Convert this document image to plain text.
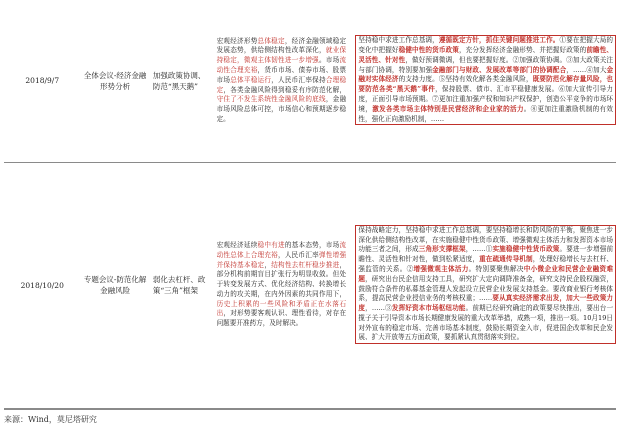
2018/9/7	全体会议-经济金融形势分析	加强政策协调、防范“黑天鹅”	宏观经济形势总体稳定，经济金融领域稳定发展态势，供给侧结构性改革深化，就业保持稳定，微观主体韧性进一步增强。市场流动性合理充裕，货币市场、债券市场、股票市场总体平稳运行，人民币汇率保持合理稳定，各类金融风险得到稳妥有序防范化解，守住了不发生系统性金融风险的底线，金融市场风险总体可控，市场信心和预期逐步稳定。		坚持稳中求进工作总基调，遵循既定方针，抓住关键问题推进工作。①要在把握大局的变化中把握好稳健中性的货币政策，充分发挥经济金融形势、并把握好政策的前瞻性、灵活性、针对性，做好预调微调，但也要把握好度。②加强政策协调。③加大政策关注与部门协调，特别要加强金融部门与财政、发展改革等部门的协调配合，……④加大金融对实体经济的支持力度。⑤坚持有效化解各类金融风险，既要防范化解存量风险，也要防范各类“黑天鹅”事件，保持股票、债市、汇市平稳健康发展。⑥加大宣传引导力度，正面引导市场预期。⑦更加注重加强产权和知识产权保护，创造公平竞争的市场环境，激发各类市场主体特别是民营经济和企业家的活力。⑧更加注重激励机制的有效性，强化正向激励机制，……

2018/10/20	专题会议-防范化解金融风险	弱化去杠杆、政策“三角”框架	宏观经济延续稳中有进的基本态势，市场流动性总体上合理充裕，人民币汇率弹性增强并保持基本稳定，结构性去杠杆稳步推进，部分机构前期盲目扩张行为明显收敛。但处于转变发展方式、优化经济结构、转换增长动力的攻关期，在内外因素的共同作用下，历史上积累的一些风险和矛盾正在水落石出，对形势要客观认识、理性看待，对存在问题要开准药方，及时解决。		保持战略定力，坚持稳中求进工作总基调，要坚持稳增长和防风险的平衡，聚焦进一步深化供给侧结构性改革，在实施稳健中性货币政策、增强微观主体活力和发挥资本市场功能三者之间，形成三角形支撑框架，……①实施稳健中性货币政策。要进一步增强前瞻性、灵活性和针对性，做到松紧适度，重在疏通传导机制，处理好稳增长与去杠杆、强监管的关系。②增强微观主体活力。特别要聚焦解决中小微企业和民营企业融资难题，研究出台民企信用支持工具，研究扩大定向调降准备金，研究支持民企股权融资，鼓励符合条件的私募基金管理人发起设立民营企业发展支持基金。要改商业银行考核体系，提高民营企业授信业务的考核权重；……要从真实经济需求出发，加大一些政策力度，……③发挥好资本市场枢纽功能。前期已经研究确定的政策要尽快推出，要出台一揽子关于引导资本市场长期健康发展的重大改革举措，成熟一项，推出一项。10月19日对外宣布的稳定市场、完善市场基本制度，鼓励长期资金入市，促进国企改革和民企发展、扩大开放等五方面政策，要抓紧认真贯彻落实到位。
来源：Wind，莫尼塔研究
